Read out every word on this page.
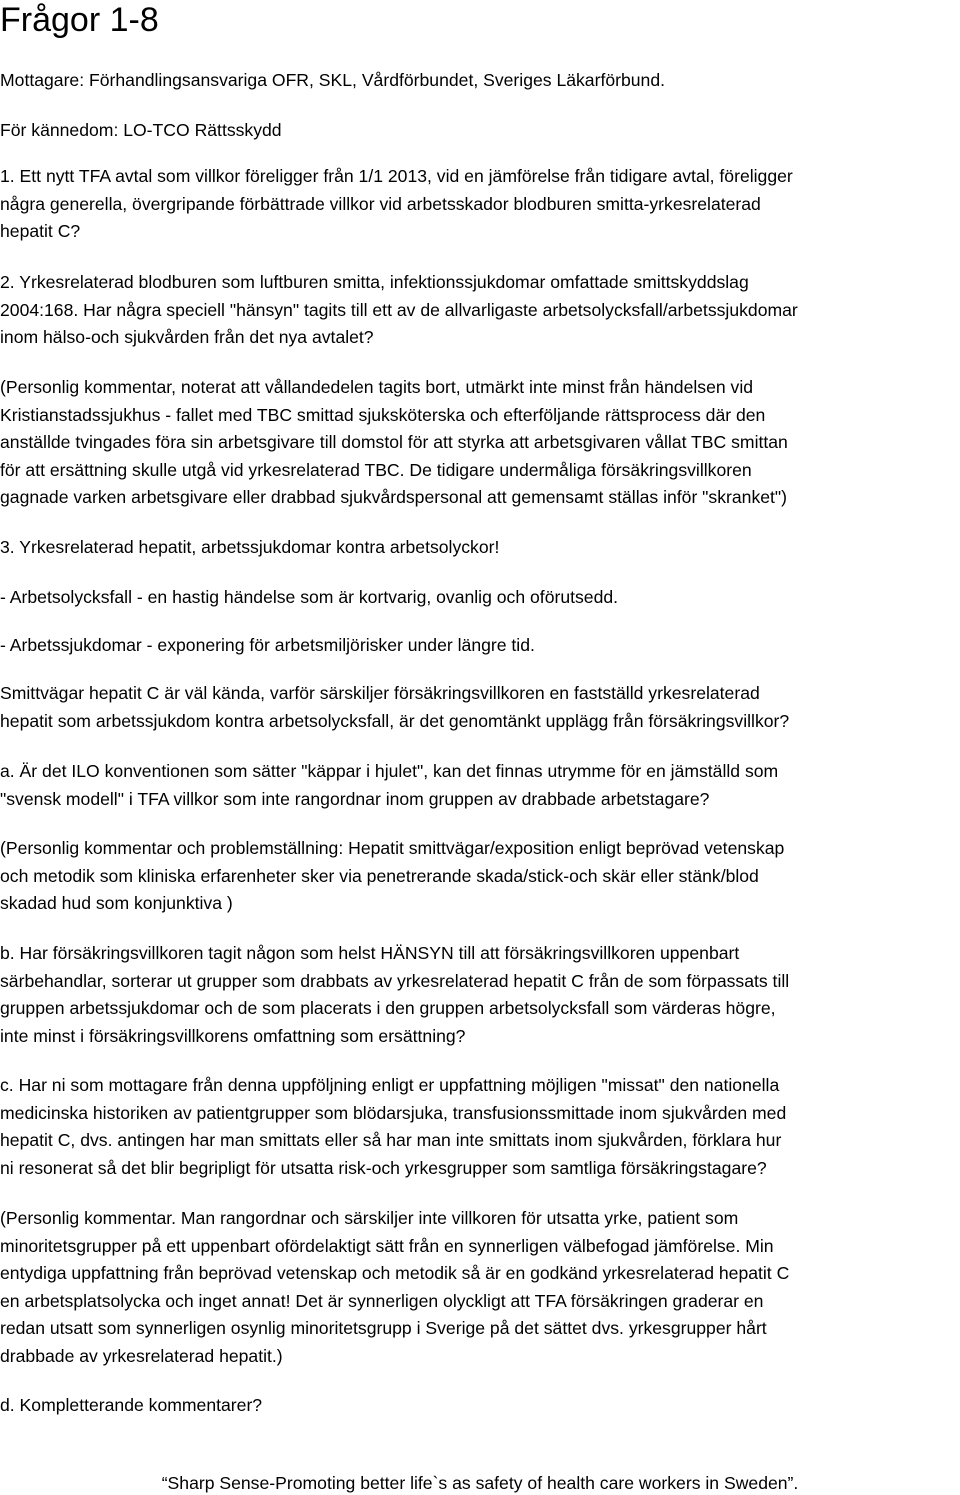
Frågor 1-8

Mottagare: Förhandlingsansvariga OFR, SKL, Vårdförbundet, Sveriges Läkarförbund.

För kännedom: LO-TCO Rättsskydd

1. Ett nytt TFA avtal som villkor föreligger från 1/1 2013, vid en jämförelse från tidigare avtal, föreligger
några generella, övergripande förbättrade villkor vid arbetsskador blodburen smitta-yrkesrelaterad
hepatit C?

2. Yrkesrelaterad blodburen som luftburen smitta, infektionssjukdomar omfattade smittskyddslag
2004:168. Har några speciell "hänsyn" tagits till ett av de allvarligaste arbetsolycksfall/arbetssjukdomar
inom hälso-och sjukvården från det nya avtalet?

(Personlig kommentar, noterat att vållandedelen tagits bort, utmärkt inte minst från händelsen vid
Kristianstadssjukhus - fallet med TBC smittad sjuksköterska och efterföljande rättsprocess där den
anställde tvingades föra sin arbetsgivare till domstol för att styrka att arbetsgivaren vållat TBC smittan
för att ersättning skulle utgå vid yrkesrelaterad TBC. De tidigare undermåliga försäkringsvillkoren
gagnade varken arbetsgivare eller drabbad sjukvårdspersonal att gemensamt ställas inför "skranket")

3. Yrkesrelaterad hepatit, arbetssjukdomar kontra arbetsolyckor!

- Arbetsolycksfall - en hastig händelse som är kortvarig, ovanlig och oförutsedd.

- Arbetssjukdomar - exponering för arbetsmiljörisker under längre tid.

Smittvägar hepatit C är väl kända, varför särskiljer försäkringsvillkoren en fastställd yrkesrelaterad
hepatit som arbetssjukdom kontra arbetsolycksfall, är det genomtänkt upplägg från försäkringsvillkor?

a. Är det ILO konventionen som sätter "käppar i hjulet", kan det finnas utrymme för en jämställd som
"svensk modell" i TFA villkor som inte rangordnar inom gruppen av drabbade arbetstagare?

(Personlig kommentar och problemställning: Hepatit smittvägar/exposition enligt beprövad vetenskap
och metodik som kliniska erfarenheter sker via penetrerande skada/stick-och skär eller stänk/blod
skadad hud som konjunktiva )

b. Har försäkringsvillkoren tagit någon som helst HÄNSYN till att försäkringsvillkoren uppenbart
särbehandlar, sorterar ut grupper som drabbats av yrkesrelaterad hepatit C från de som förpassats till
gruppen arbetssjukdomar och de som placerats i den gruppen arbetsolycksfall som värderas högre,
inte minst i försäkringsvillkorens omfattning som ersättning?

c. Har ni som mottagare från denna uppföljning enligt er uppfattning möjligen "missat" den nationella
medicinska historiken av patientgrupper som blödarsjuka, transfusionssmittade inom sjukvården med
hepatit C, dvs. antingen har man smittats eller så har man inte smittats inom sjukvården, förklara hur
ni resonerat så det blir begripligt för utsatta risk-och yrkesgrupper som samtliga försäkringstagare?

(Personlig kommentar. Man rangordnar och särskiljer inte villkoren för utsatta yrke, patient som
minoritetsgrupper på ett uppenbart ofördelaktigt sätt från en synnerligen välbefogad jämförelse. Min
entydiga uppfattning från beprövad vetenskap och metodik så är en godkänd yrkesrelaterad hepatit C
en arbetsplatsolycka och inget annat! Det är synnerligen olyckligt att TFA försäkringen graderar en
redan utsatt som synnerligen osynlig minoritetsgrupp i Sverige på det sättet dvs. yrkesgrupper hårt
drabbade av yrkesrelaterad hepatit.)

d. Kompletterande kommentarer?

“Sharp Sense-Promoting better life`s as safety of health care workers in Sweden”.
